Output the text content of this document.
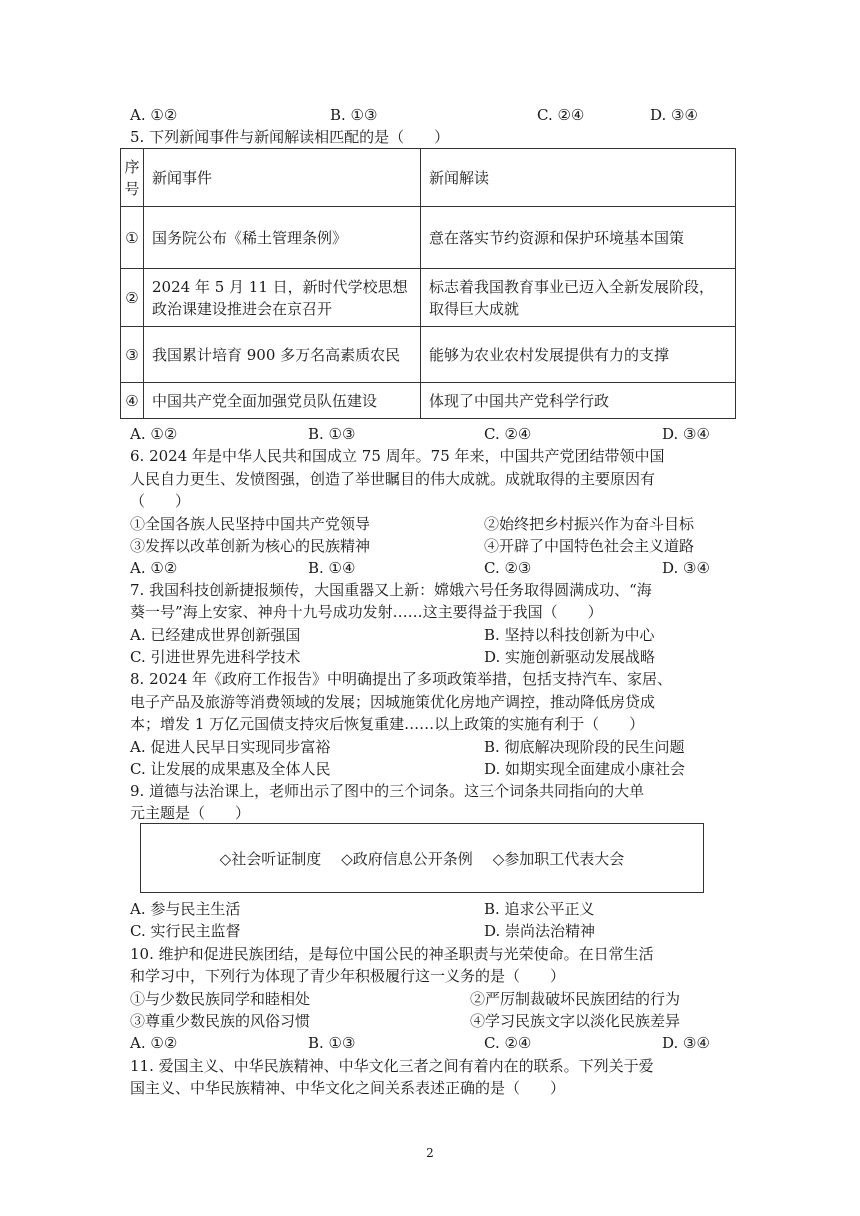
A. ①②	B. ①③	C. ②④	D. ③④
5. 下列新闻事件与新闻解读相匹配的是（　　）
序号	新闻事件	新闻解读
①	国务院公布《稀土管理条例》	意在落实节约资源和保护环境基本国策
②	2024 年 5 月 11 日，新时代学校思想政治课建设推进会在京召开	标志着我国教育事业已迈入全新发展阶段，取得巨大成就
③	我国累计培育 900 多万名高素质农民	能够为农业农村发展提供有力的支撑
④	中国共产党全面加强党员队伍建设	体现了中国共产党科学行政
A. ①②	B. ①③	C. ②④	D. ③④
6. 2024 年是中华人民共和国成立 75 周年。75 年来，中国共产党团结带领中国
人民自力更生、发愤图强，创造了举世瞩目的伟大成就。成就取得的主要原因有
（　　）
①全国各族人民坚持中国共产党领导	②始终把乡村振兴作为奋斗目标
③发挥以改革创新为核心的民族精神	④开辟了中国特色社会主义道路
A. ①②	B. ①④	C. ②③	D. ③④
7. 我国科技创新捷报频传，大国重器又上新：嫦娥六号任务取得圆满成功、“海
葵一号”海上安家、神舟十九号成功发射……这主要得益于我国（　　）
A. 已经建成世界创新强国	B. 坚持以科技创新为中心
C. 引进世界先进科学技术	D. 实施创新驱动发展战略
8. 2024 年《政府工作报告》中明确提出了多项政策举措，包括支持汽车、家居、
电子产品及旅游等消费领域的发展；因城施策优化房地产调控，推动降低房贷成
本；增发 1 万亿元国债支持灾后恢复重建……以上政策的实施有利于（　　）
A. 促进人民早日实现同步富裕	B. 彻底解决现阶段的民生问题
C. 让发展的成果惠及全体人民	D. 如期实现全面建成小康社会
9. 道德与法治课上，老师出示了图中的三个词条。这三个词条共同指向的大单
元主题是（　　）
◇社会听证制度 ◇政府信息公开条例 ◇参加职工代表大会
A. 参与民主生活	B. 追求公平正义
C. 实行民主监督	D. 崇尚法治精神
10. 维护和促进民族团结，是每位中国公民的神圣职责与光荣使命。在日常生活
和学习中，下列行为体现了青少年积极履行这一义务的是（　　）
①与少数民族同学和睦相处	②严厉制裁破坏民族团结的行为
③尊重少数民族的风俗习惯	④学习民族文字以淡化民族差异
A. ①②	B. ①③	C. ②④	D. ③④
11. 爱国主义、中华民族精神、中华文化三者之间有着内在的联系。下列关于爱
国主义、中华民族精神、中华文化之间关系表述正确的是（　　）
2
